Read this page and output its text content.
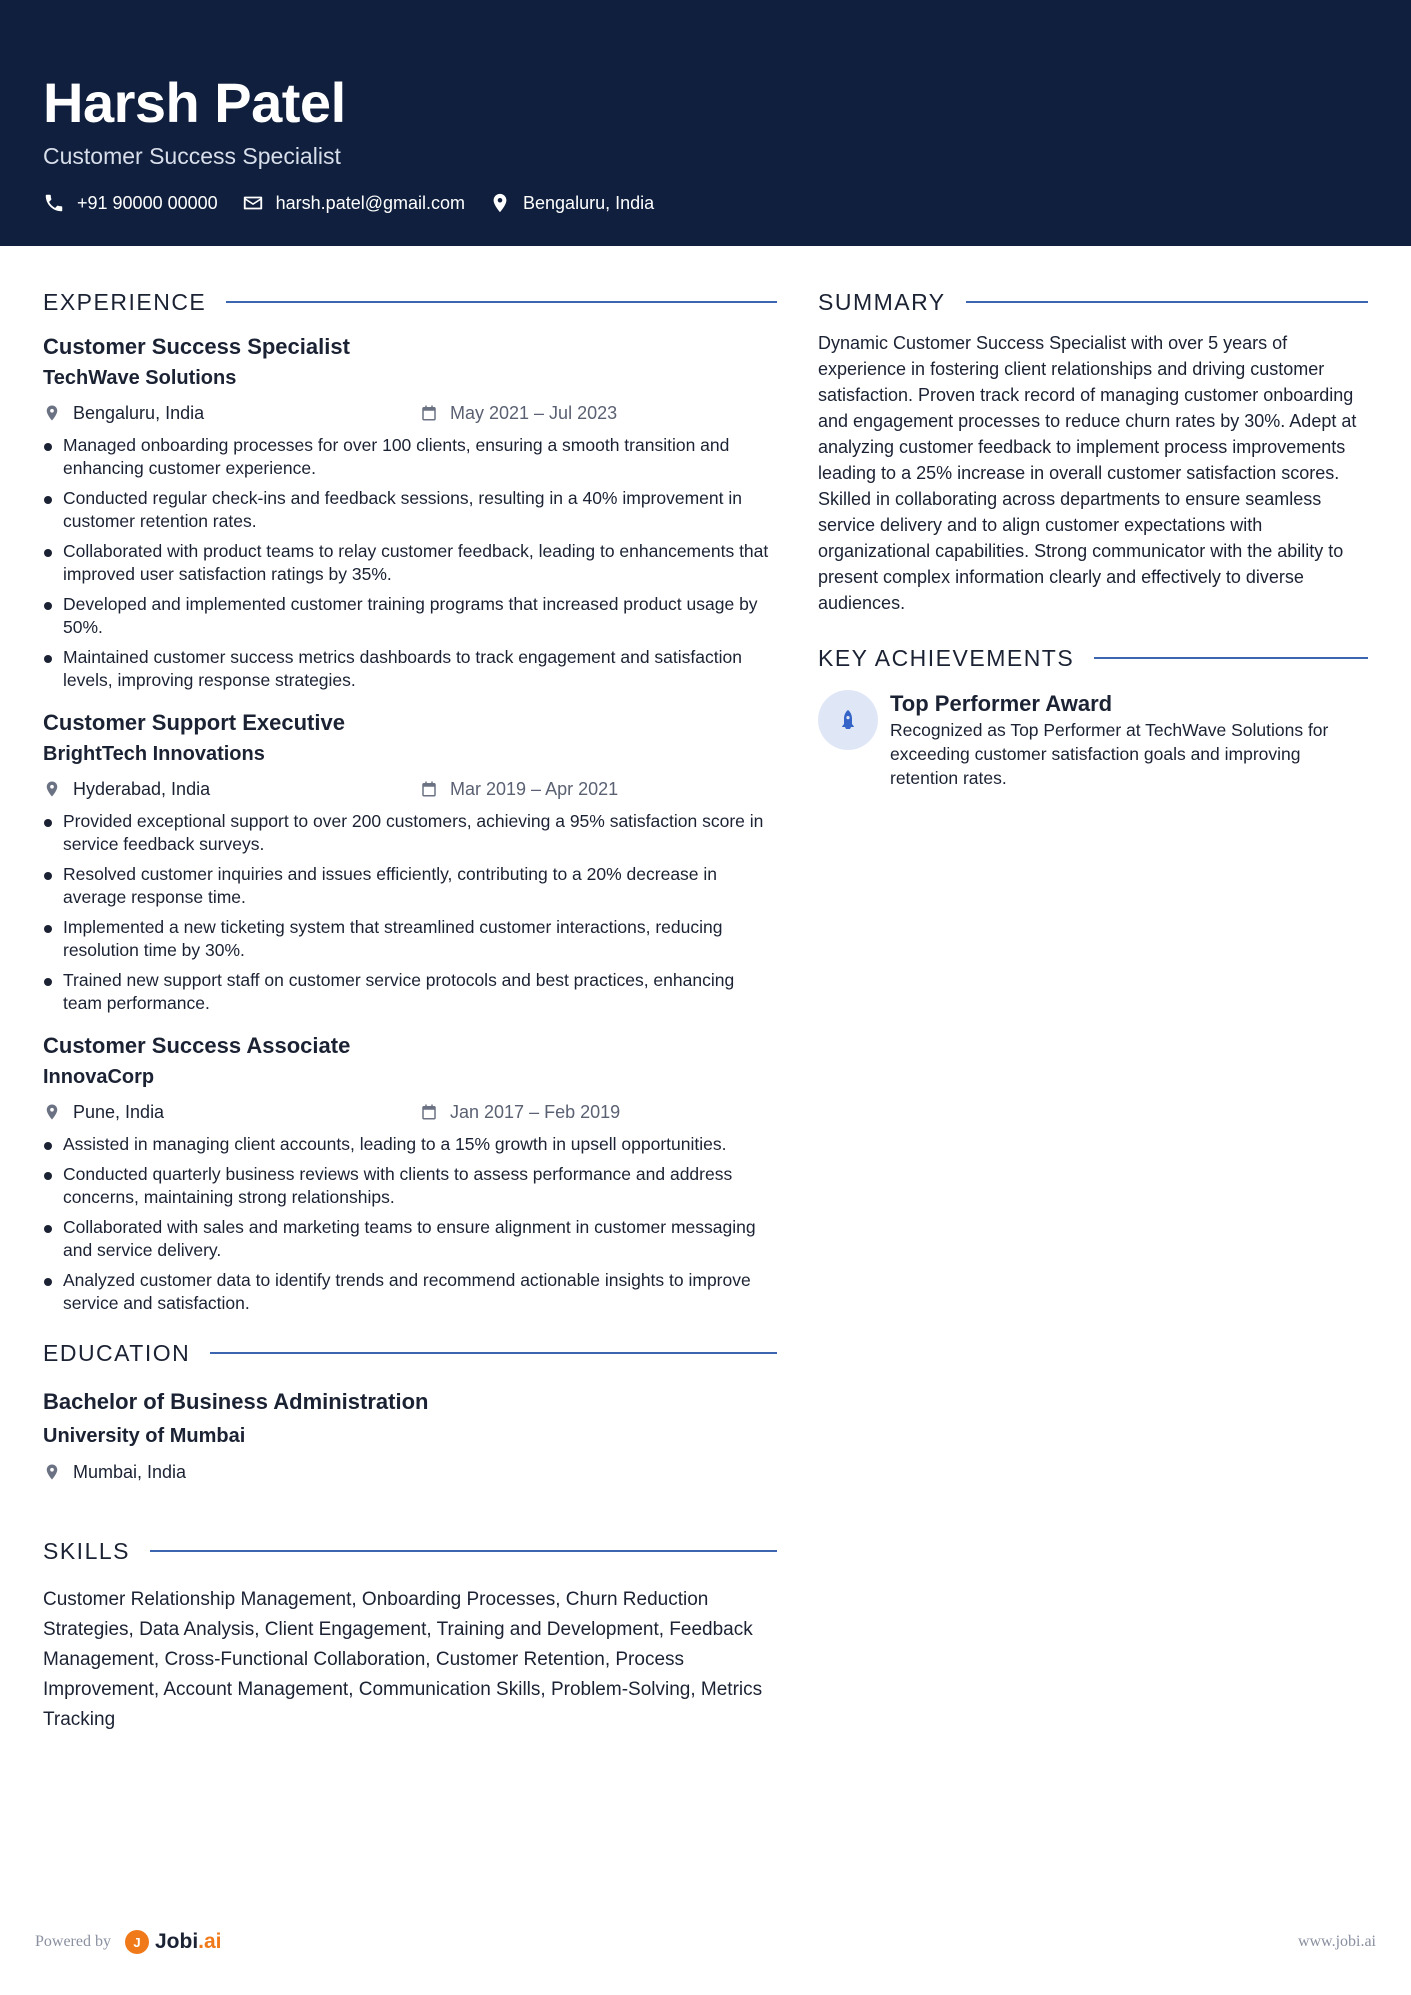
Harsh Patel
Customer Success Specialist
+91 90000 00000	harsh.patel@gmail.com	Bengaluru, India
EXPERIENCE
Customer Success Specialist
TechWave Solutions
Bengaluru, India	May 2021 – Jul 2023
Managed onboarding processes for over 100 clients, ensuring a smooth transition and enhancing customer experience.
Conducted regular check-ins and feedback sessions, resulting in a 40% improvement in customer retention rates.
Collaborated with product teams to relay customer feedback, leading to enhancements that improved user satisfaction ratings by 35%.
Developed and implemented customer training programs that increased product usage by 50%.
Maintained customer success metrics dashboards to track engagement and satisfaction levels, improving response strategies.
Customer Support Executive
BrightTech Innovations
Hyderabad, India	Mar 2019 – Apr 2021
Provided exceptional support to over 200 customers, achieving a 95% satisfaction score in service feedback surveys.
Resolved customer inquiries and issues efficiently, contributing to a 20% decrease in average response time.
Implemented a new ticketing system that streamlined customer interactions, reducing resolution time by 30%.
Trained new support staff on customer service protocols and best practices, enhancing team performance.
Customer Success Associate
InnovaCorp
Pune, India	Jan 2017 – Feb 2019
Assisted in managing client accounts, leading to a 15% growth in upsell opportunities.
Conducted quarterly business reviews with clients to assess performance and address concerns, maintaining strong relationships.
Collaborated with sales and marketing teams to ensure alignment in customer messaging and service delivery.
Analyzed customer data to identify trends and recommend actionable insights to improve service and satisfaction.
EDUCATION
Bachelor of Business Administration
University of Mumbai
Mumbai, India
SKILLS
Customer Relationship Management, Onboarding Processes, Churn Reduction Strategies, Data Analysis, Client Engagement, Training and Development, Feedback Management, Cross-Functional Collaboration, Customer Retention, Process Improvement, Account Management, Communication Skills, Problem-Solving, Metrics Tracking
SUMMARY
Dynamic Customer Success Specialist with over 5 years of experience in fostering client relationships and driving customer satisfaction. Proven track record of managing customer onboarding and engagement processes to reduce churn rates by 30%. Adept at analyzing customer feedback to implement process improvements leading to a 25% increase in overall customer satisfaction scores. Skilled in collaborating across departments to ensure seamless service delivery and to align customer expectations with organizational capabilities. Strong communicator with the ability to present complex information clearly and effectively to diverse audiences.
KEY ACHIEVEMENTS
Top Performer Award
Recognized as Top Performer at TechWave Solutions for exceeding customer satisfaction goals and improving retention rates.
Powered by	J Jobi.ai	www.jobi.ai
